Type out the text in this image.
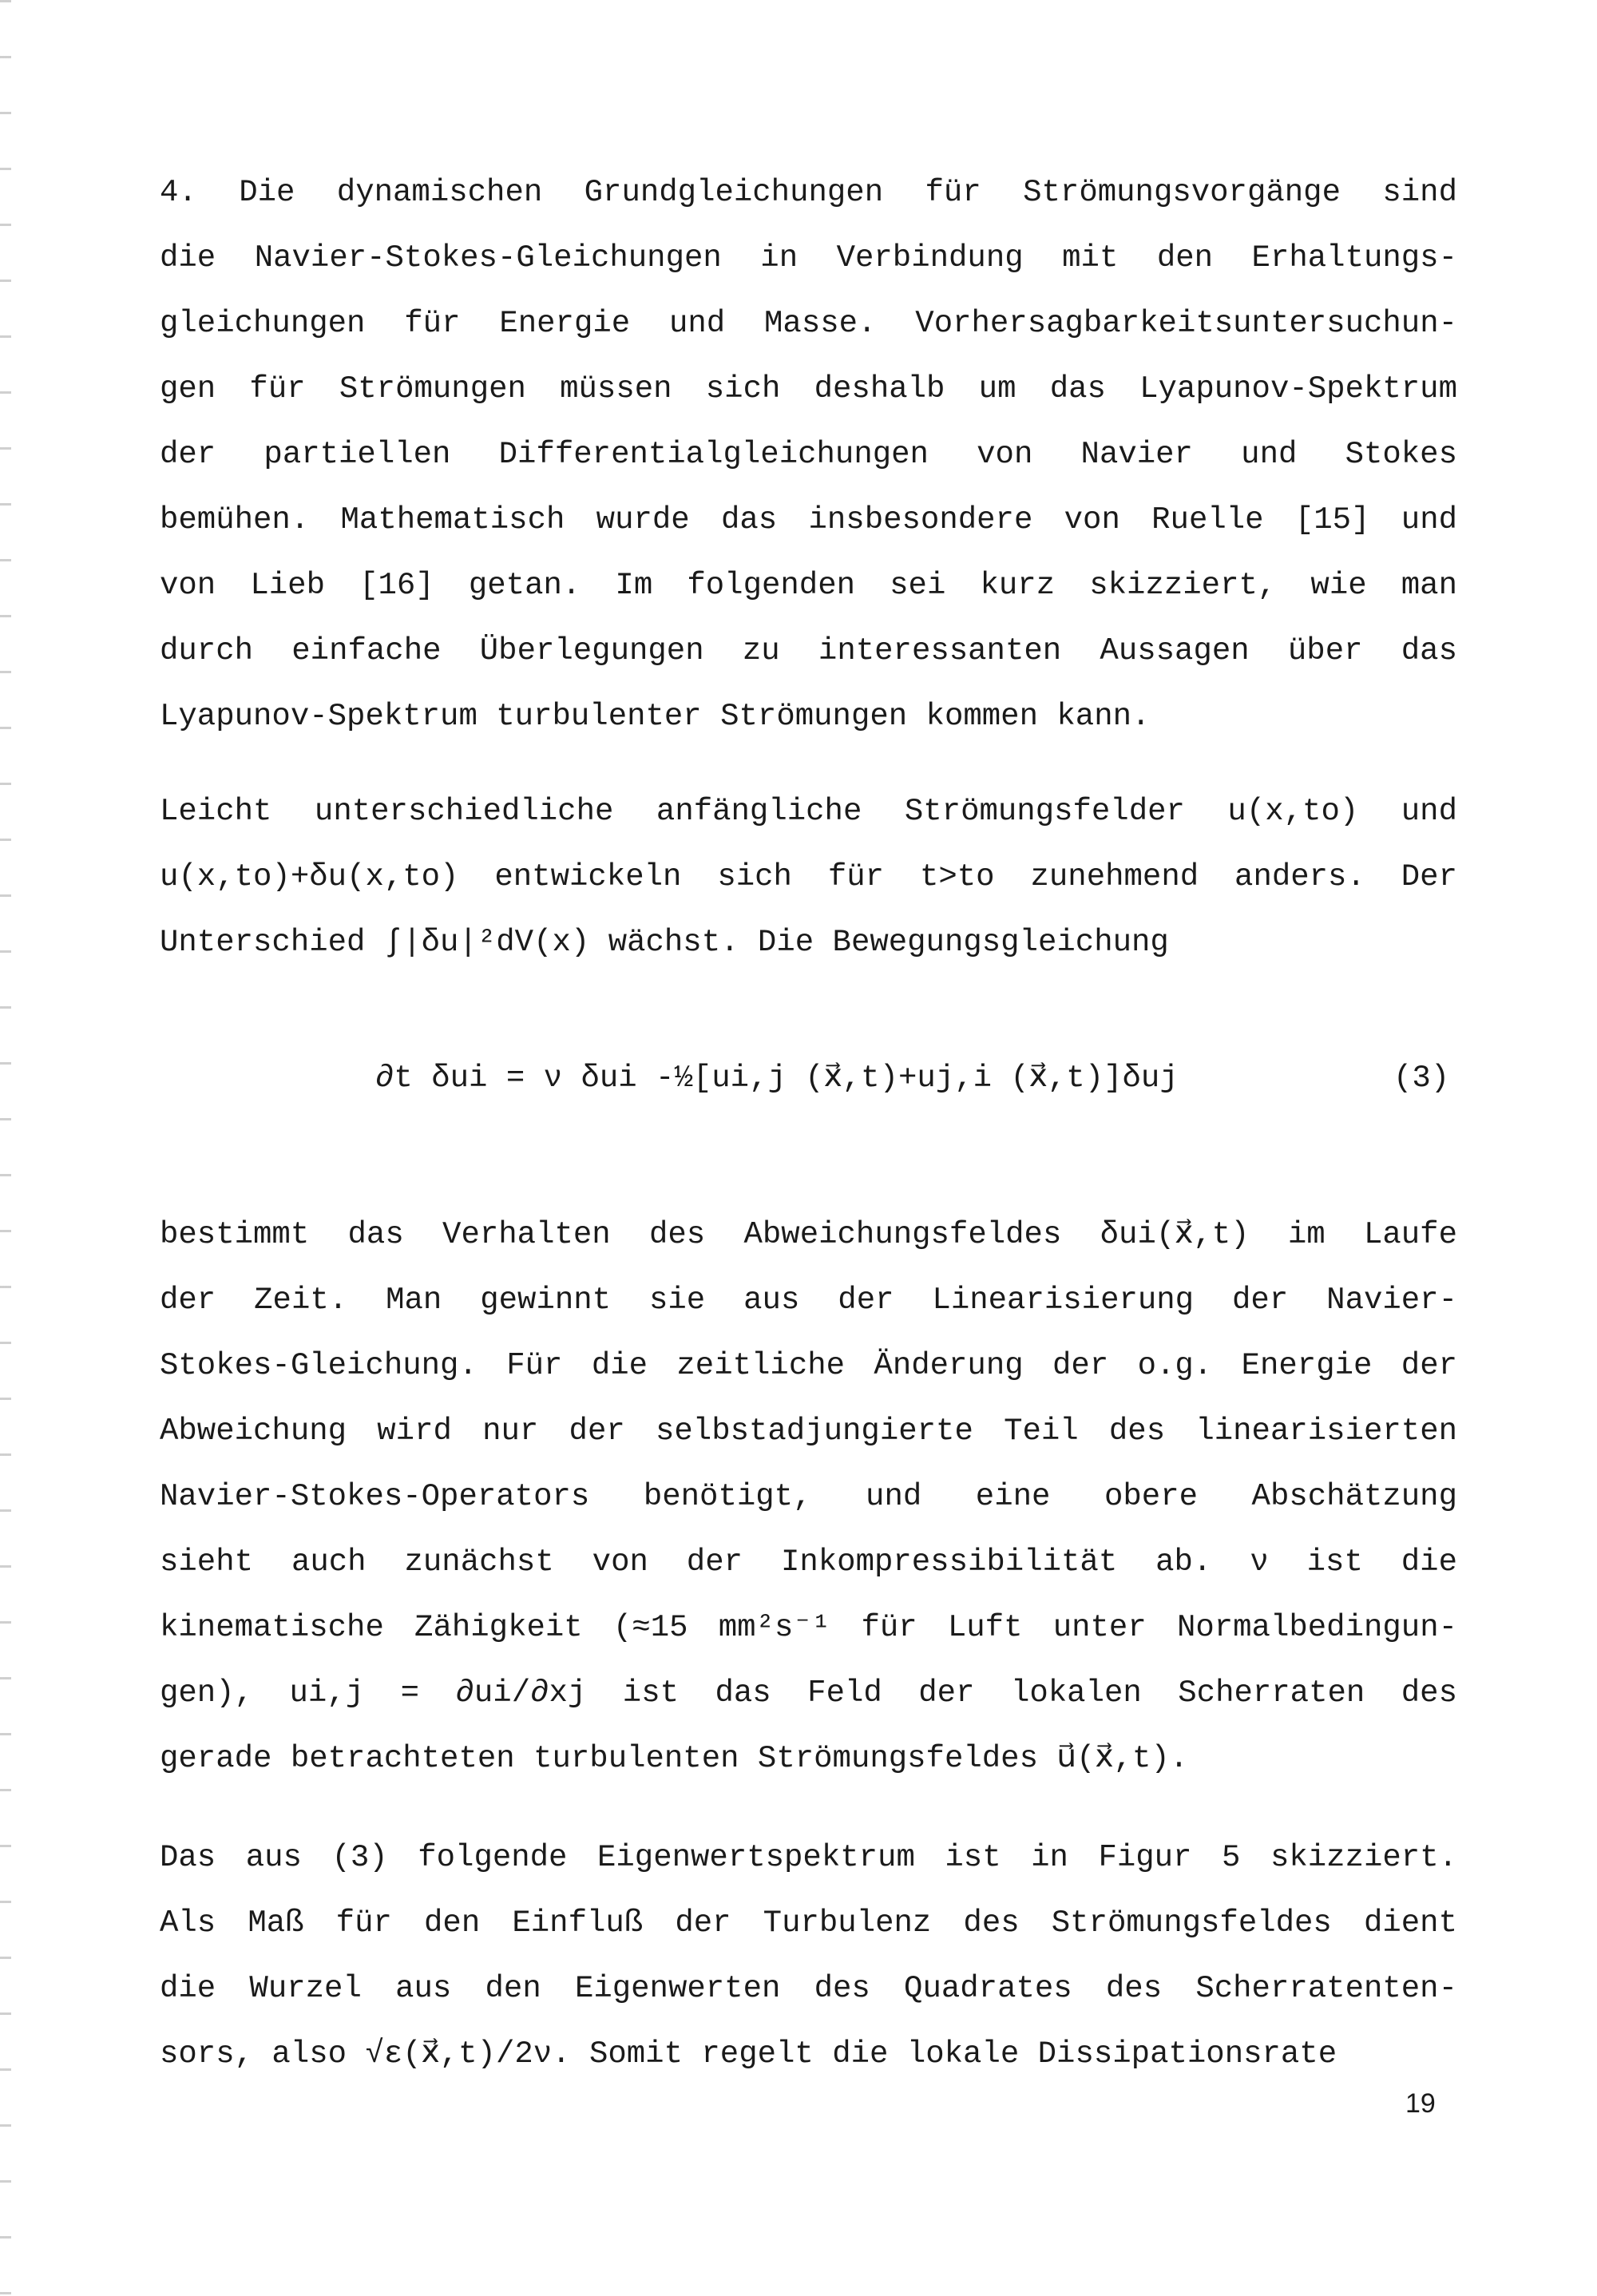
4. Die dynamischen Grundgleichungen für Strömungsvorgänge sind
die Navier-Stokes-Gleichungen in Verbindung mit den Erhaltungs-
gleichungen für Energie und Masse. Vorhersagbarkeitsuntersuchun-
gen für Strömungen müssen sich deshalb um das Lyapunov-Spektrum
der partiellen Differentialgleichungen von Navier und Stokes
bemühen. Mathematisch wurde das insbesondere von Ruelle [15] und
von Lieb [16] getan. Im folgenden sei kurz skizziert, wie man
durch einfache Überlegungen zu interessanten Aussagen über das
Lyapunov-Spektrum turbulenter Strömungen kommen kann.
Leicht unterschiedliche anfängliche Strömungsfelder u(x,to) und
u(x,to)+δu(x,to) entwickeln sich für t>to zunehmend anders. Der
Unterschied ∫|δu|²dV(x) wächst. Die Bewegungsgleichung
∂t δui = ν δui -½[ui,j (x⃗,t)+uj,i (x⃗,t)]δuj	(3)
bestimmt das Verhalten des Abweichungsfeldes δui(x⃗,t) im Laufe
der Zeit. Man gewinnt sie aus der Linearisierung der Navier-
Stokes-Gleichung. Für die zeitliche Änderung der o.g. Energie der
Abweichung wird nur der selbstadjungierte Teil des linearisierten
Navier-Stokes-Operators benötigt, und eine obere Abschätzung
sieht auch zunächst von der Inkompressibilität ab. ν ist die
kinematische Zähigkeit (≈15 mm²s⁻¹ für Luft unter Normalbedingun-
gen), ui,j = ∂ui/∂xj ist das Feld der lokalen Scherraten des
gerade betrachteten turbulenten Strömungsfeldes u⃗(x⃗,t).
Das aus (3) folgende Eigenwertspektrum ist in Figur 5 skizziert.
Als Maß für den Einfluß der Turbulenz des Strömungsfeldes dient
die Wurzel aus den Eigenwerten des Quadrates des Scherratenten-
sors, also √ε(x⃗,t)/2ν. Somit regelt die lokale Dissipationsrate
19
